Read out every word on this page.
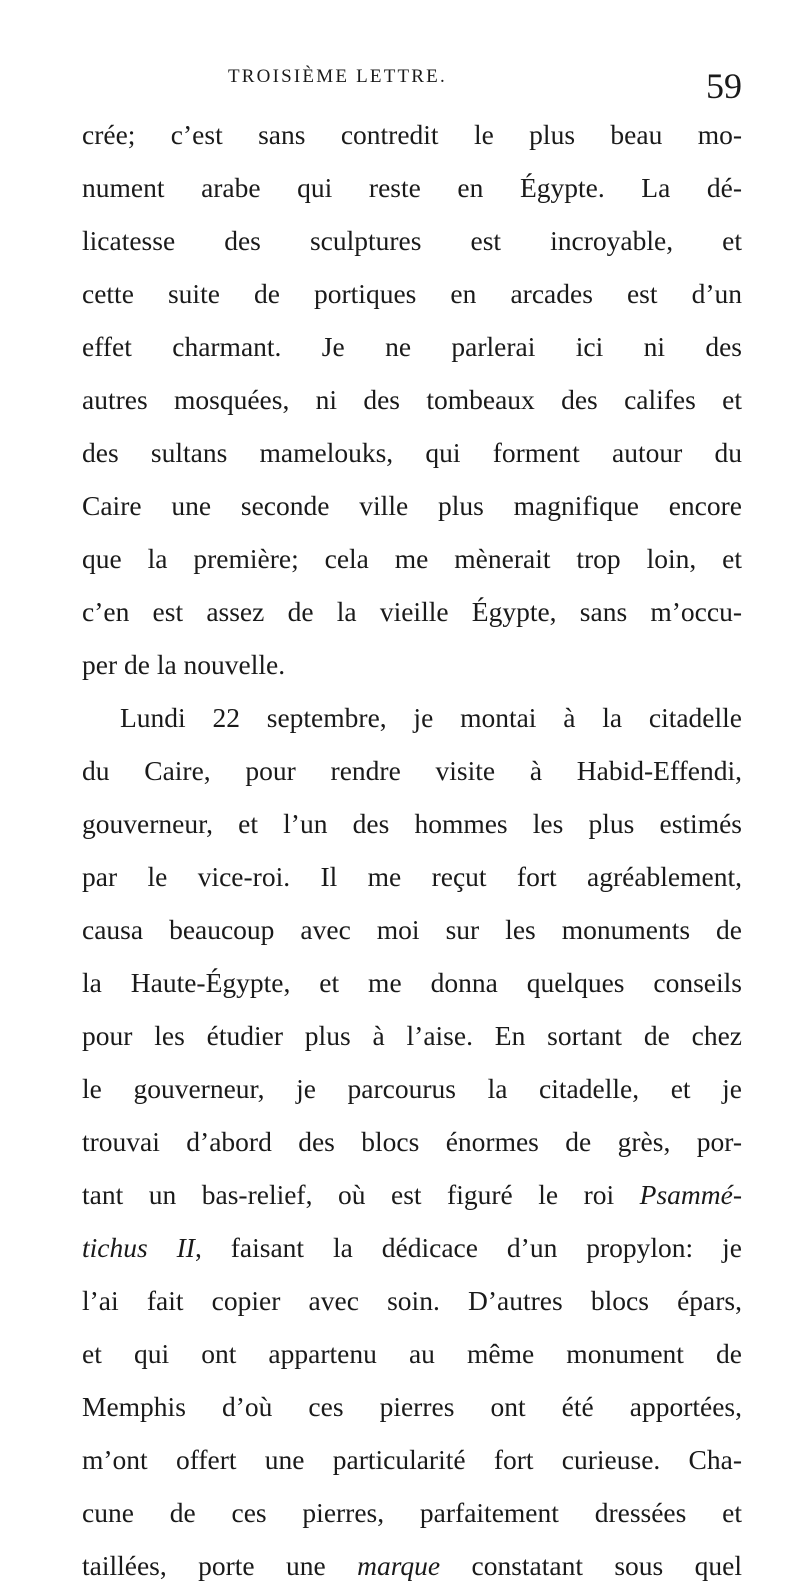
TROISIÈME LETTRE.	59
crée; c’est sans contredit le plus beau mo-
nument arabe qui reste en Égypte. La dé-
licatesse des sculptures est incroyable, et
cette suite de portiques en arcades est d’un
effet charmant. Je ne parlerai ici ni des
autres mosquées, ni des tombeaux des califes et
des sultans mamelouks, qui forment autour du
Caire une seconde ville plus magnifique encore
que la première; cela me mènerait trop loin, et
c’en est assez de la vieille Égypte, sans m’occu-
per de la nouvelle.
Lundi 22 septembre, je montai à la citadelle
du Caire, pour rendre visite à Habid-Effendi,
gouverneur, et l’un des hommes les plus estimés
par le vice-roi. Il me reçut fort agréablement,
causa beaucoup avec moi sur les monuments de
la Haute-Égypte, et me donna quelques conseils
pour les étudier plus à l’aise. En sortant de chez
le gouverneur, je parcourus la citadelle, et je
trouvai d’abord des blocs énormes de grès, por-
tant un bas-relief, où est figuré le roi Psammé-
tichus II, faisant la dédicace d’un propylon: je
l’ai fait copier avec soin. D’autres blocs épars,
et qui ont appartenu au même monument de
Memphis d’où ces pierres ont été apportées,
m’ont offert une particularité fort curieuse. Cha-
cune de ces pierres, parfaitement dressées et
taillées, porte une marque constatant sous quel
